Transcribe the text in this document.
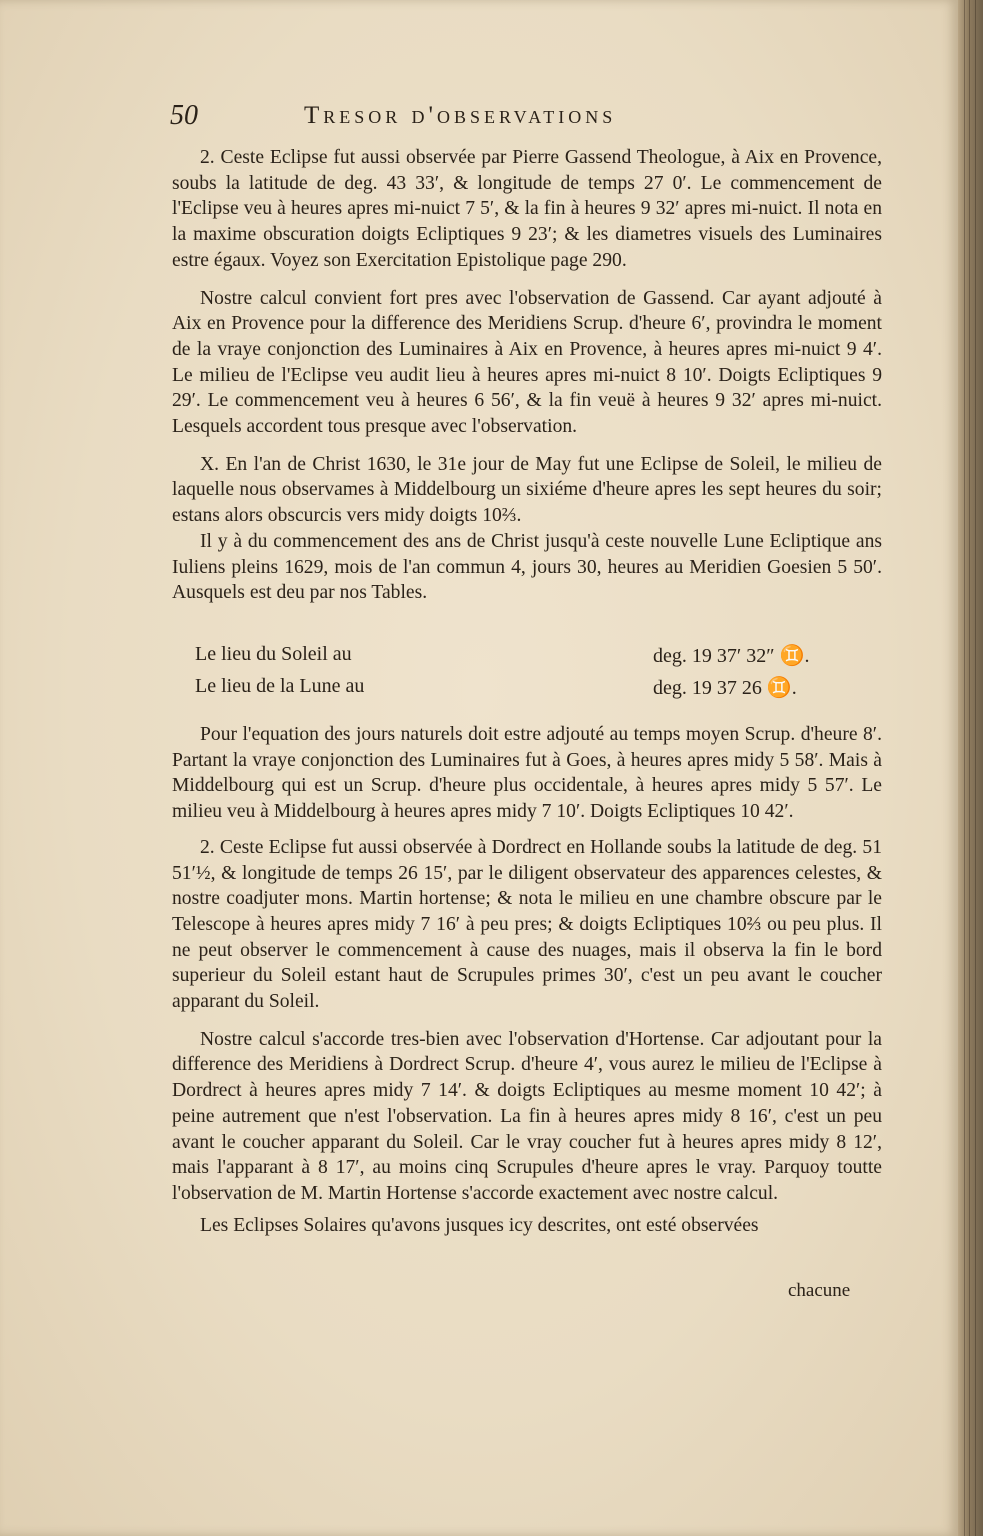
50	Tresor d'observations

2. Ceste Eclipse fut aussi observée par Pierre Gassend Theologue, à Aix en Provence, soubs la latitude de deg. 43 33′, & longitude de temps 27 0′. Le commencement de l'Eclipse veu à heures apres mi-nuict 7 5′, & la fin à heures 9 32′ apres mi-nuict. Il nota en la maxime obscuration doigts Ecliptiques 9 23′; & les diametres visuels des Luminaires estre égaux. Voyez son Exercitation Epistolique page 290.

Nostre calcul convient fort pres avec l'observation de Gassend. Car ayant adjouté à Aix en Provence pour la difference des Meridiens Scrup. d'heure 6′, provindra le moment de la vraye conjonction des Luminaires à Aix en Provence, à heures apres mi-nuict 9 4′. Le milieu de l'Eclipse veu audit lieu à heures apres mi-nuict 8 10′. Doigts Ecliptiques 9 29′. Le commencement veu à heures 6 56′, & la fin veuë à heures 9 32′ apres mi-nuict. Lesquels accordent tous presque avec l'observation.

X. En l'an de Christ 1630, le 31e jour de May fut une Eclipse de Soleil, le milieu de laquelle nous observames à Middelbourg un sixiéme d'heure apres les sept heures du soir; estans alors obscurcis vers midy doigts 10⅔.

Il y à du commencement des ans de Christ jusqu'à ceste nouvelle Lune Ecliptique ans Iuliens pleins 1629, mois de l'an commun 4, jours 30, heures au Meridien Goesien 5 50′. Ausquels est deu par nos Tables.

Le lieu du Soleil au	deg. 19 37′ 32″ ♊.
Le lieu de la Lune au	deg. 19 37 26 ♊.

Pour l'equation des jours naturels doit estre adjouté au temps moyen Scrup. d'heure 8′. Partant la vraye conjonction des Luminaires fut à Goes, à heures apres midy 5 58′. Mais à Middelbourg qui est un Scrup. d'heure plus occidentale, à heures apres midy 5 57′. Le milieu veu à Middelbourg à heures apres midy 7 10′. Doigts Ecliptiques 10 42′.

2. Ceste Eclipse fut aussi observée à Dordrect en Hollande soubs la latitude de deg. 51 51′½, & longitude de temps 26 15′, par le diligent observateur des apparences celestes, & nostre coadjuter mons. Martin hortense; & nota le milieu en une chambre obscure par le Telescope à heures apres midy 7 16′ à peu pres; & doigts Ecliptiques 10⅔ ou peu plus. Il ne peut observer le commencement à cause des nuages, mais il observa la fin le bord superieur du Soleil estant haut de Scrupules primes 30′, c'est un peu avant le coucher apparant du Soleil.

Nostre calcul s'accorde tres-bien avec l'observation d'Hortense. Car adjoutant pour la difference des Meridiens à Dordrect Scrup. d'heure 4′, vous aurez le milieu de l'Eclipse à Dordrect à heures apres midy 7 14′. & doigts Ecliptiques au mesme moment 10 42′; à peine autrement que n'est l'observation. La fin à heures apres midy 8 16′, c'est un peu avant le coucher apparant du Soleil. Car le vray coucher fut à heures apres midy 8 12′, mais l'apparant à 8 17′, au moins cinq Scrupules d'heure apres le vray. Parquoy toutte l'observation de M. Martin Hortense s'accorde exactement avec nostre calcul.

Les Eclipses Solaires qu'avons jusques icy descrites, ont esté observées

chacune
